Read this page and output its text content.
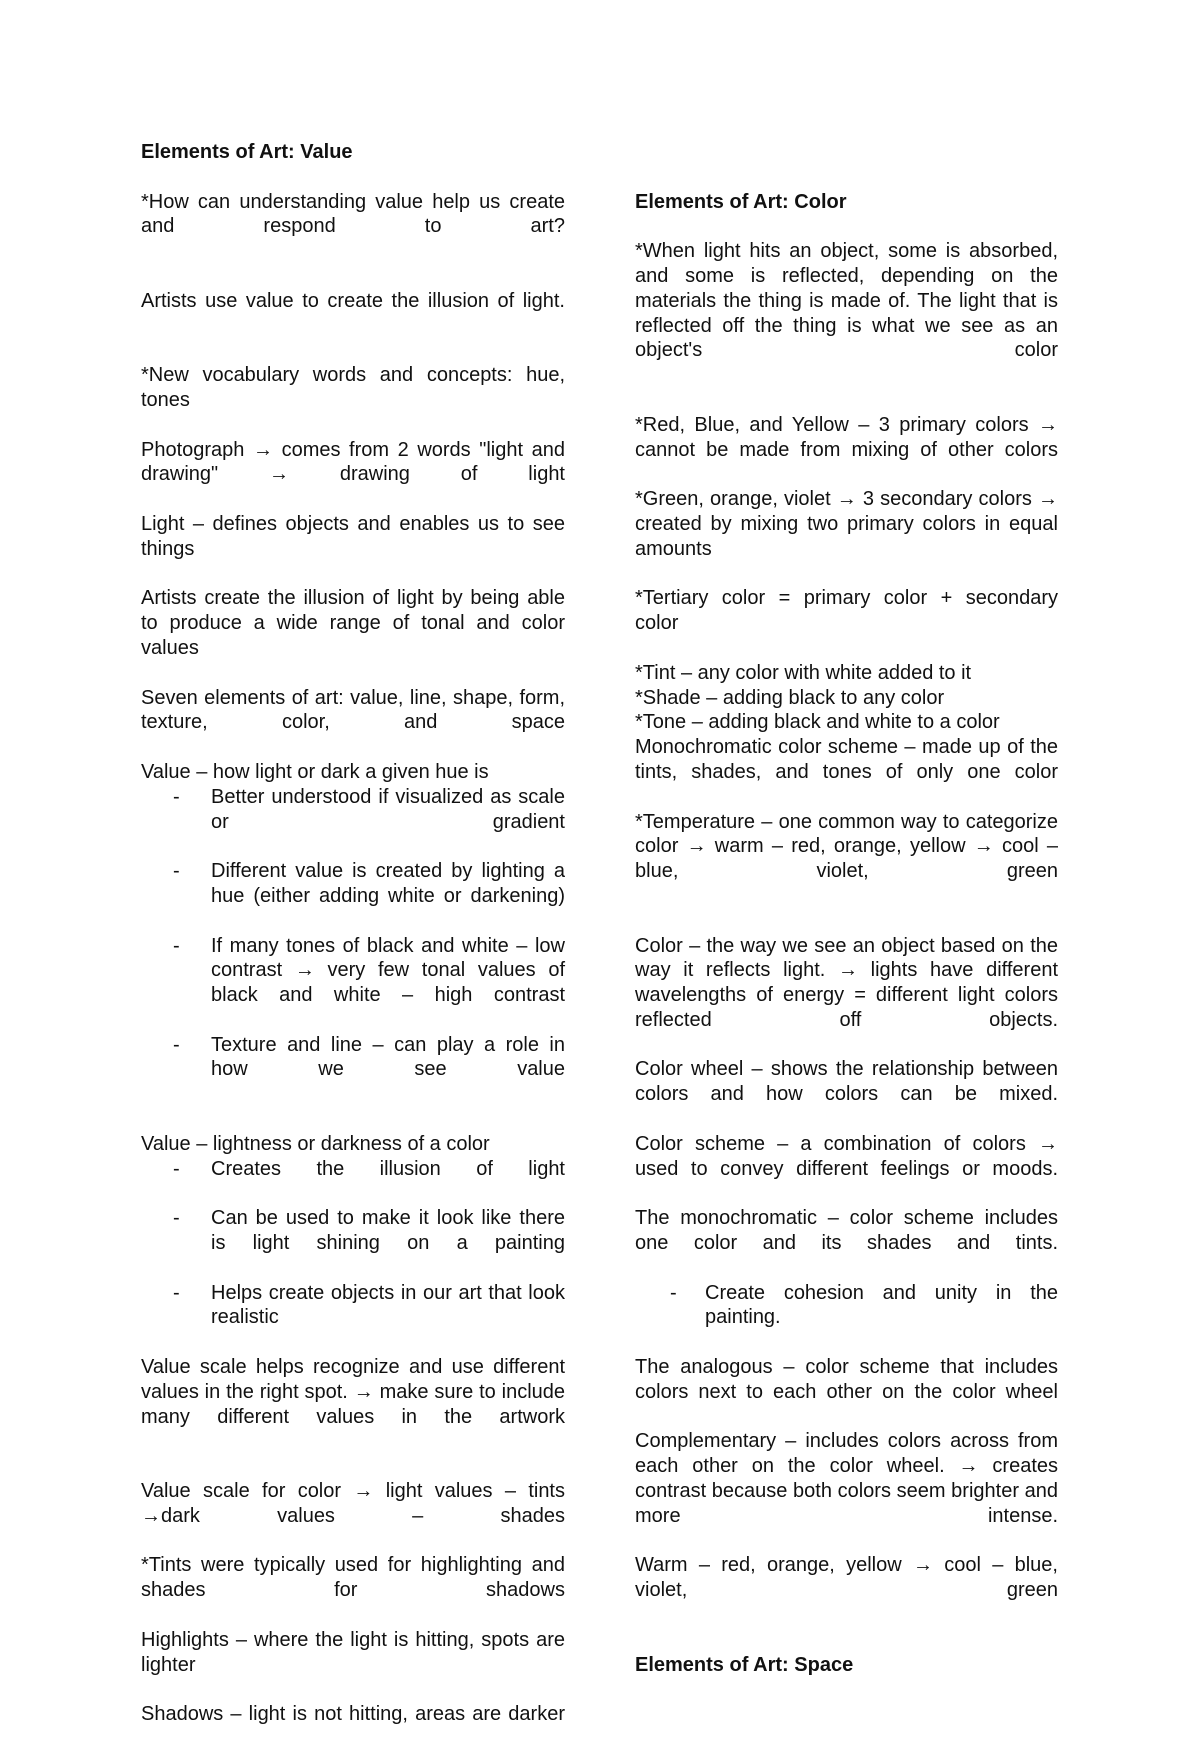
Elements of Art: Value

*How can understanding value help us create and respond to art?

Artists use value to create the illusion of light.

*New vocabulary words and concepts: hue, tones

Photograph → comes from 2 words "light and drawing" → drawing of light

Light – defines objects and enables us to see things

Artists create the illusion of light by being able to produce a wide range of tonal and color values

Seven elements of art: value, line, shape, form, texture, color, and space

Value – how light or dark a given hue is

- Better understood if visualized as scale or gradient
- Different value is created by lighting a hue (either adding white or darkening)
- If many tones of black and white – low contrast → very few tonal values of black and white – high contrast
- Texture and line – can play a role in how we see value

Value – lightness or darkness of a color

- Creates the illusion of light
- Can be used to make it look like there is light shining on a painting
- Helps create objects in our art that look realistic

Value scale helps recognize and use different values in the right spot. → make sure to include many different values in the artwork

Value scale for color → light values – tints →dark values – shades

*Tints were typically used for highlighting and shades for shadows

Highlights – where the light is hitting, spots are lighter

Shadows – light is not hitting, areas are darker

Elements of Art: Color

*When light hits an object, some is absorbed, and some is reflected, depending on the materials the thing is made of. The light that is reflected off the thing is what we see as an object's color

*Red, Blue, and Yellow – 3 primary colors → cannot be made from mixing of other colors

*Green, orange, violet → 3 secondary colors → created by mixing two primary colors in equal amounts

*Tertiary color = primary color + secondary color

*Tint – any color with white added to it

*Shade – adding black to any color

*Tone – adding black and white to a color

Monochromatic color scheme – made up of the tints, shades, and tones of only one color

*Temperature – one common way to categorize color → warm – red, orange, yellow → cool – blue, violet, green

Color – the way we see an object based on the way it reflects light. → lights have different wavelengths of energy = different light colors reflected off objects.

Color wheel – shows the relationship between colors and how colors can be mixed.

Color scheme – a combination of colors → used to convey different feelings or moods.

The monochromatic – color scheme includes one color and its shades and tints.

- Create cohesion and unity in the painting.

The analogous – color scheme that includes colors next to each other on the color wheel

Complementary – includes colors across from each other on the color wheel. → creates contrast because both colors seem brighter and more intense.

Warm – red, orange, yellow → cool – blue, violet, green

Elements of Art: Space
